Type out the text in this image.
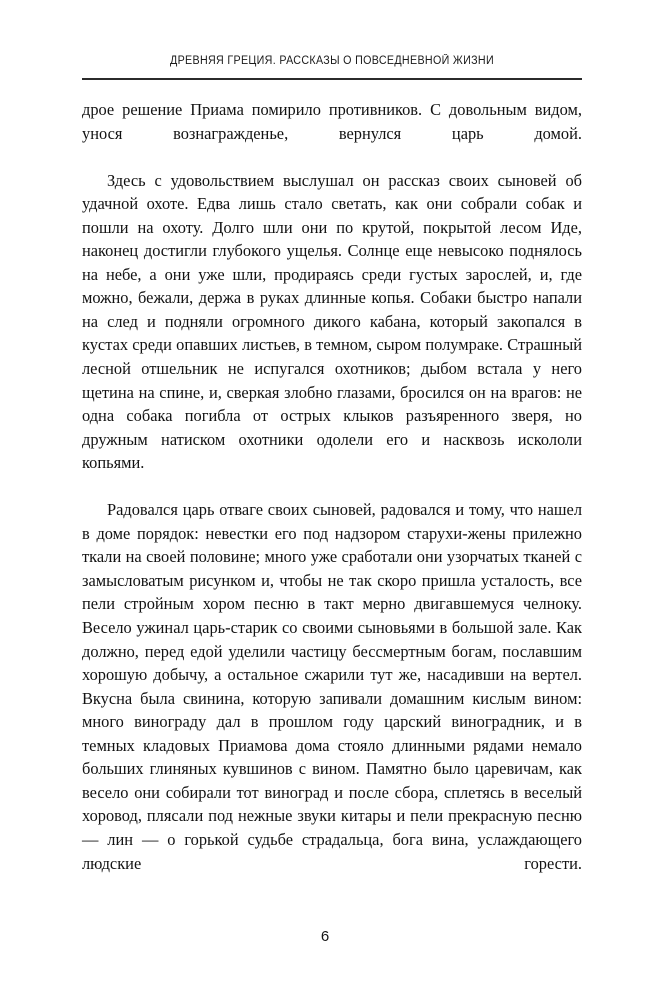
ДРЕВНЯЯ ГРЕЦИЯ. РАССКАЗЫ О ПОВСЕДНЕВНОЙ ЖИЗНИ

дрое решение Приама помирило противников. С довольным видом, унося вознагражденье, вернулся царь домой.

Здесь с удовольствием выслушал он рассказ своих сыновей об удачной охоте. Едва лишь стало светать, как они собрали собак и пошли на охоту. Долго шли они по крутой, покрытой лесом Иде, наконец достигли глубокого ущелья. Солнце еще невысоко поднялось на небе, а они уже шли, продираясь среди густых зарослей, и, где можно, бежали, держа в руках длинные копья. Собаки быстро напали на след и подняли огромного дикого кабана, который закопался в кустах среди опавших листьев, в темном, сыром полумраке. Страшный лесной отшельник не испугался охотников; дыбом встала у него щетина на спине, и, сверкая злобно глазами, бросился он на врагов: не одна собака погибла от острых клыков разъяренного зверя, но дружным натиском охотники одолели его и насквозь искололи копьями.

Радовался царь отваге своих сыновей, радовался и тому, что нашел в доме порядок: невестки его под надзором старухи-жены прилежно ткали на своей половине; много уже сработали они узорчатых тканей с замысловатым рисунком и, чтобы не так скоро пришла усталость, все пели стройным хором песню в такт мерно двигавшемуся челноку. Весело ужинал царь-старик со своими сыновьями в большой зале. Как должно, перед едой уделили частицу бессмертным богам, пославшим хорошую добычу, а остальное сжарили тут же, насадивши на вертел. Вкусна была свинина, которую запивали домашним кислым вином: много винограду дал в прошлом году царский виноградник, и в темных кладовых Приамова дома стояло длинными рядами немало больших глиняных кувшинов с вином. Памятно было царевичам, как весело они собирали тот виноград и после сбора, сплетясь в веселый хоровод, плясали под нежные звуки китары и пели прекрасную песню — лин — о горькой судьбе страдальца, бога вина, услаждающего людские горести.

6
